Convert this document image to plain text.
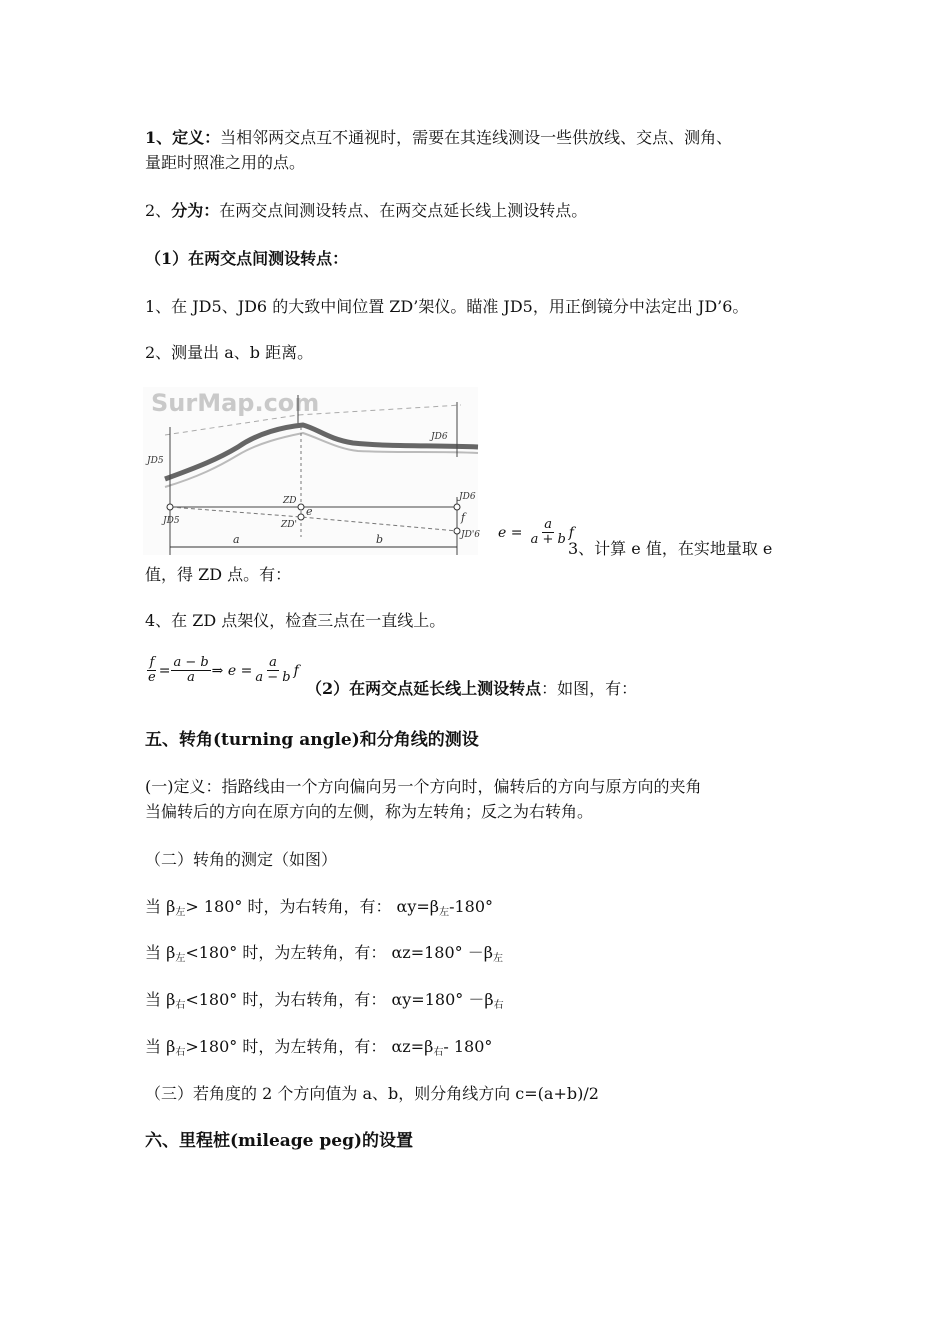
1、定义：当相邻两交点互不通视时，需要在其连线测设一些供放线、交点、测角、
量距时照准之用的点。
2、分为：在两交点间测设转点、在两交点延长线上测设转点。
（1）在两交点间测设转点：
1、在 JD5、JD6 的大致中间位置 ZD’架仪。瞄准 JD5，用正倒镜分中法定出 JD’6。
2、测量出 a、b 距离。
SurMap.com
JD5
JD6
ZD
ZD'
JD5
JD6
JD'6
e	f
a	b	$e = \frac{a}{a + b}$ f
3、计算 e 值，在实地量取 e
值，得 ZD 点。有：
4、在 ZD 点架仪，检查三点在一直线上。
$\frac{f}{e} = \frac{a - b}{a}$ ⇒ $e = \frac{a}{a - b}$ f
（2）在两交点延长线上测设转点：如图，有：
五、转角(turning angle)和分角线的测设
(一)定义：指路线由一个方向偏向另一个方向时，偏转后的方向与原方向的夹角
当偏转后的方向在原方向的左侧，称为左转角；反之为右转角。
（二）转角的测定（如图）
当 β左> 180° 时，为右转角，有： αy=β左-180°
当 β左<180° 时，为左转角，有： αz=180° －β左
当 β右<180° 时，为右转角，有： αy=180° －β右
当 β右>180° 时，为左转角，有： αz=β右- 180°
（三）若角度的 2 个方向值为 a、b，则分角线方向 c=(a+b)/2
六、里程桩(mileage peg)的设置
